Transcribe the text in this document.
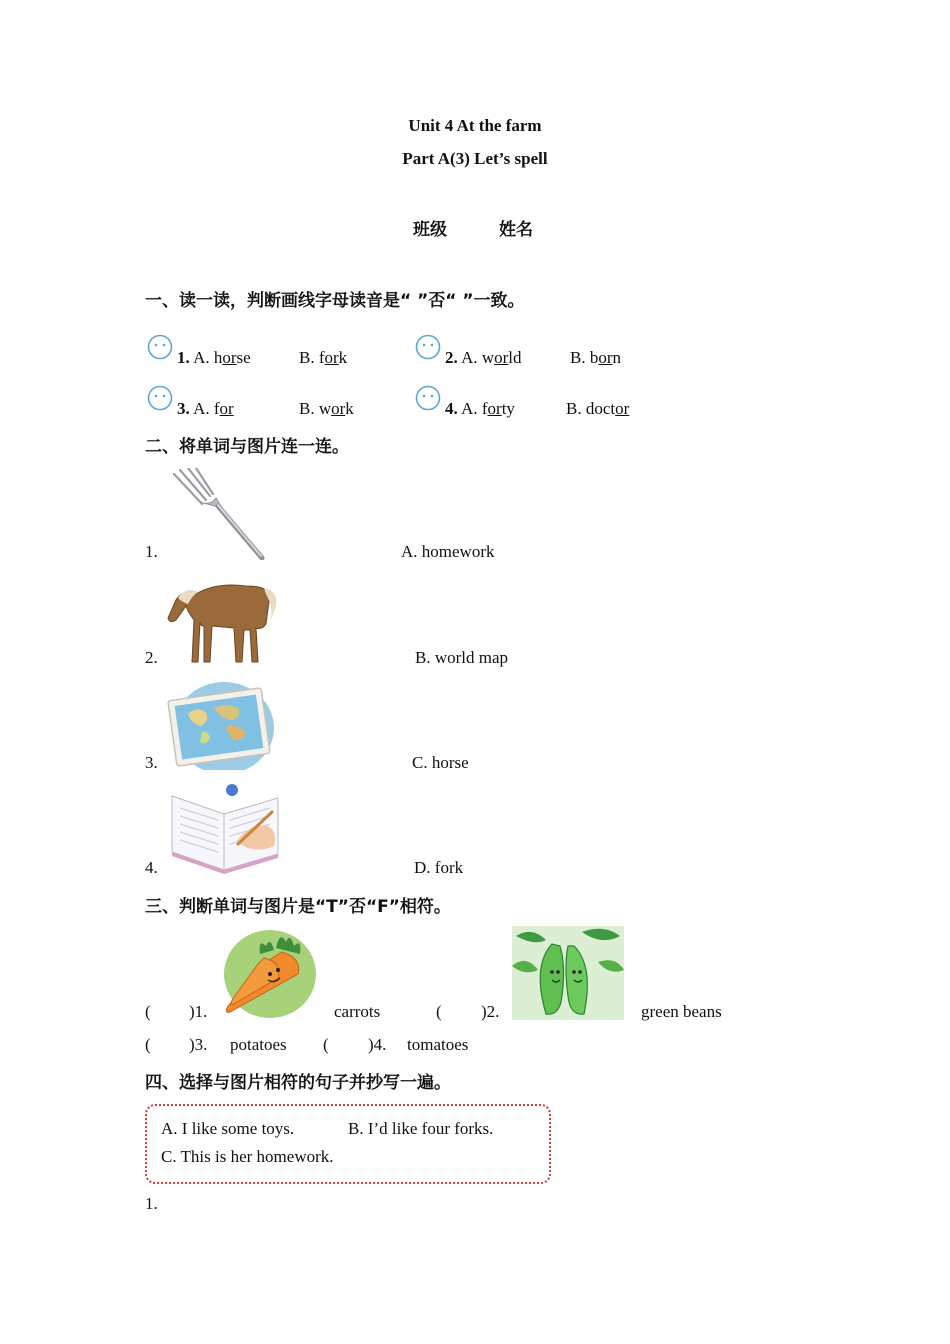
Unit 4 At the farm
Part A(3) Let’s spell
班级	姓名
一、读一读，判断画线字母读音是“ ”否“ ”一致。
1. A. horse	B. fork	2. A. world	B. born
3. A. for	B. work	4. A. forty	B. doctor
二、将单词与图片连一连。
1.
2.
3.
4.
A. homework
B. world map
C. horse
D. fork
三、判断单词与图片是“T”否“F”相符。
( )1.	carrots	( )2.	green beans
( )3. potatoes ( )4. tomatoes
四、选择与图片相符的句子并抄写一遍。
A. I like some toys.	B. I’d like four forks.
C. This is her homework.
1.
